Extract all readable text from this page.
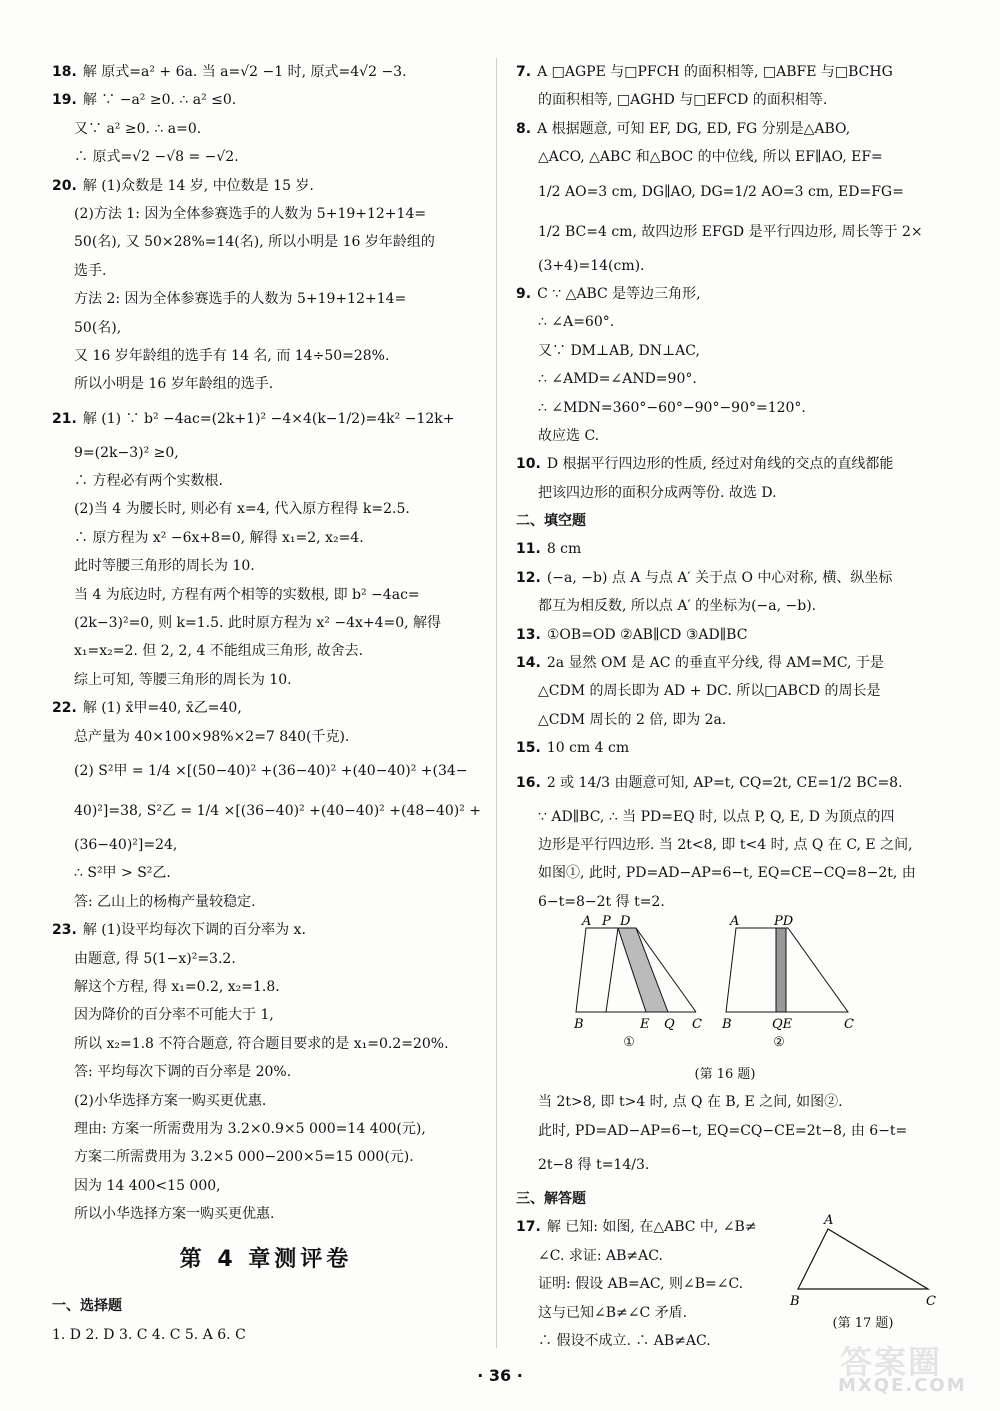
18. 解 原式=a² + 6a. 当 a=√2 −1 时, 原式=4√2 −3.
19. 解 ∵ −a² ≥0. ∴ a² ≤0.
又∵ a² ≥0. ∴ a=0.
∴ 原式=√2 −√8 = −√2.
20. 解 (1)众数是 14 岁, 中位数是 15 岁.
(2)方法 1: 因为全体参赛选手的人数为 5+19+12+14=
50(名), 又 50×28%=14(名), 所以小明是 16 岁年龄组的
选手.
方法 2: 因为全体参赛选手的人数为 5+19+12+14=
50(名),
又 16 岁年龄组的选手有 14 名, 而 14÷50=28%.
所以小明是 16 岁年龄组的选手.
21. 解 (1) ∵ b² −4ac=(2k+1)² −4×4(k−1/2)=4k² −12k+
9=(2k−3)² ≥0,
∴ 方程必有两个实数根.
(2)当 4 为腰长时, 则必有 x=4, 代入原方程得 k=2.5.
∴ 原方程为 x² −6x+8=0, 解得 x₁=2, x₂=4.
此时等腰三角形的周长为 10.
当 4 为底边时, 方程有两个相等的实数根, 即 b² −4ac=
(2k−3)²=0, 则 k=1.5. 此时原方程为 x² −4x+4=0, 解得
x₁=x₂=2. 但 2, 2, 4 不能组成三角形, 故舍去.
综上可知, 等腰三角形的周长为 10.
22. 解 (1) x̄甲=40, x̄乙=40,
总产量为 40×100×98%×2=7 840(千克).
(2) S²甲 = 1/4 ×[(50−40)² +(36−40)² +(40−40)² +(34−
40)²]=38, S²乙 = 1/4 ×[(36−40)² +(40−40)² +(48−40)² +
(36−40)²]=24,
∴ S²甲 > S²乙.
答: 乙山上的杨梅产量较稳定.
23. 解 (1)设平均每次下调的百分率为 x.
由题意, 得 5(1−x)²=3.2.
解这个方程, 得 x₁=0.2, x₂=1.8.
因为降价的百分率不可能大于 1,
所以 x₂=1.8 不符合题意, 符合题目要求的是 x₁=0.2=20%.
答: 平均每次下调的百分率是 20%.
(2)小华选择方案一购买更优惠.
理由: 方案一所需费用为 3.2×0.9×5 000=14 400(元),
方案二所需费用为 3.2×5 000−200×5=15 000(元).
因为 14 400<15 000,
所以小华选择方案一购买更优惠.
第 4 章测评卷
一、选择题
1. D 2. D 3. C 4. C 5. A 6. C
7. A □AGPE 与□PFCH 的面积相等, □ABFE 与□BCHG
的面积相等, □AGHD 与□EFCD 的面积相等.
8. A 根据题意, 可知 EF, DG, ED, FG 分别是△ABO,
△ACO, △ABC 和△BOC 的中位线, 所以 EF∥AO, EF=
1/2 AO=3 cm, DG∥AO, DG=1/2 AO=3 cm, ED=FG=
1/2 BC=4 cm, 故四边形 EFGD 是平行四边形, 周长等于 2×
(3+4)=14(cm).
9. C ∵ △ABC 是等边三角形,
∴ ∠A=60°.
又∵ DM⊥AB, DN⊥AC,
∴ ∠AMD=∠AND=90°.
∴ ∠MDN=360°−60°−90°−90°=120°.
故应选 C.
10. D 根据平行四边形的性质, 经过对角线的交点的直线都能
把该四边形的面积分成两等份. 故选 D.
二、填空题
11. 8 cm
12. (−a, −b) 点 A 与点 A′ 关于点 O 中心对称, 横、纵坐标
都互为相反数, 所以点 A′ 的坐标为(−a, −b).
13. ①OB=OD ②AB∥CD ③AD∥BC
14. 2a 显然 OM 是 AC 的垂直平分线, 得 AM=MC, 于是
△CDM 的周长即为 AD + DC. 所以□ABCD 的周长是
△CDM 周长的 2 倍, 即为 2a.
15. 10 cm 4 cm
16. 2 或 14/3 由题意可知, AP=t, CQ=2t, CE=1/2 BC=8.
∵ AD∥BC, ∴ 当 PD=EQ 时, 以点 P, Q, E, D 为顶点的四
边形是平行四边形. 当 2t<8, 即 t<4 时, 点 Q 在 C, E 之间,
如图①, 此时, PD=AD−AP=6−t, EQ=CE−CQ=8−2t, 由
6−t=8−2t 得 t=2.
A P D
B	E Q C
A	PD
B	QE	C
①	②
(第 16 题)
当 2t>8, 即 t>4 时, 点 Q 在 B, E 之间, 如图②.
此时, PD=AD−AP=6−t, EQ=CQ−CE=2t−8, 由 6−t=
2t−8 得 t=14/3.
三、解答题
17. 解 已知: 如图, 在△ABC 中, ∠B≠
∠C. 求证: AB≠AC.
证明: 假设 AB=AC, 则∠B=∠C.
这与已知∠B≠∠C 矛盾.
∴ 假设不成立. ∴ AB≠AC.
A
B	C
(第 17 题)
· 36 ·	答案圈
MXQE.COM
